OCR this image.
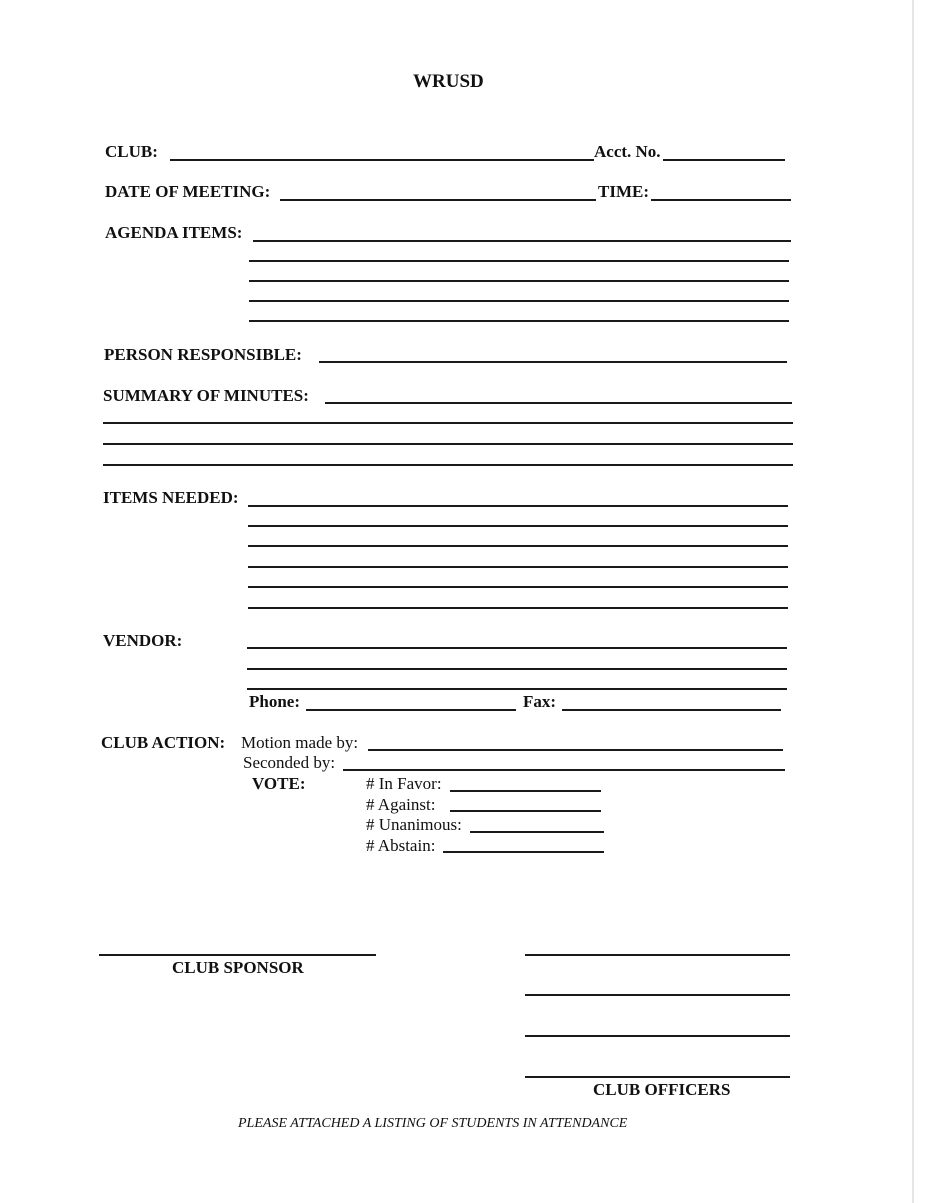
WRUSD
CLUB:	Acct. No.
DATE OF MEETING:	TIME:
AGENDA ITEMS:
PERSON RESPONSIBLE:
SUMMARY OF MINUTES:
ITEMS NEEDED:
VENDOR:
Phone:	Fax:
CLUB ACTION: Motion made by:
Seconded by:
VOTE:	# In Favor:
# Against:
# Unanimous:
# Abstain:
CLUB SPONSOR
CLUB OFFICERS
PLEASE ATTACHED A LISTING OF STUDENTS IN ATTENDANCE
